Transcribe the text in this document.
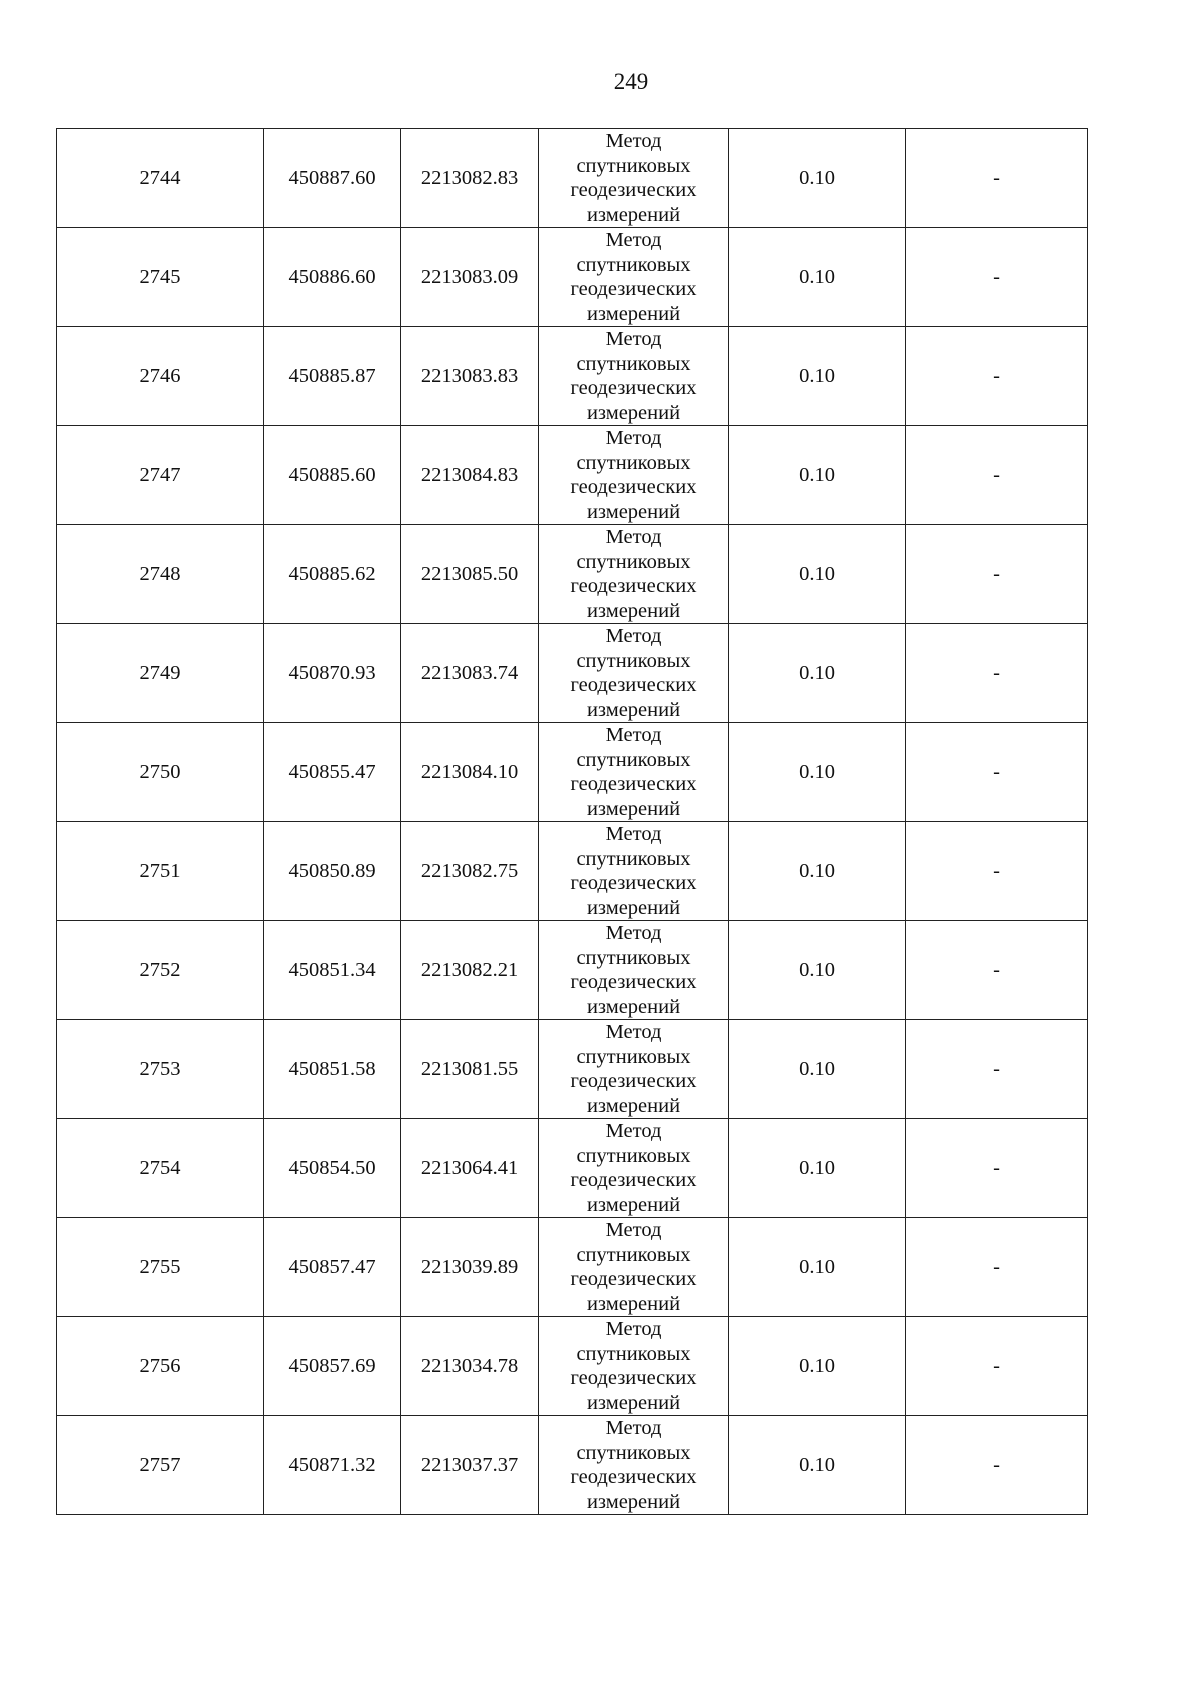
249
2744	450887.60	2213082.83	Метод
спутниковых
геодезических
измерений	0.10	-
2745	450886.60	2213083.09	Метод
спутниковых
геодезических
измерений	0.10	-
2746	450885.87	2213083.83	Метод
спутниковых
геодезических
измерений	0.10	-
2747	450885.60	2213084.83	Метод
спутниковых
геодезических
измерений	0.10	-
2748	450885.62	2213085.50	Метод
спутниковых
геодезических
измерений	0.10	-
2749	450870.93	2213083.74	Метод
спутниковых
геодезических
измерений	0.10	-
2750	450855.47	2213084.10	Метод
спутниковых
геодезических
измерений	0.10	-
2751	450850.89	2213082.75	Метод
спутниковых
геодезических
измерений	0.10	-
2752	450851.34	2213082.21	Метод
спутниковых
геодезических
измерений	0.10	-
2753	450851.58	2213081.55	Метод
спутниковых
геодезических
измерений	0.10	-
2754	450854.50	2213064.41	Метод
спутниковых
геодезических
измерений	0.10	-
2755	450857.47	2213039.89	Метод
спутниковых
геодезических
измерений	0.10	-
2756	450857.69	2213034.78	Метод
спутниковых
геодезических
измерений	0.10	-
2757	450871.32	2213037.37	Метод
спутниковых
геодезических
измерений	0.10	-
